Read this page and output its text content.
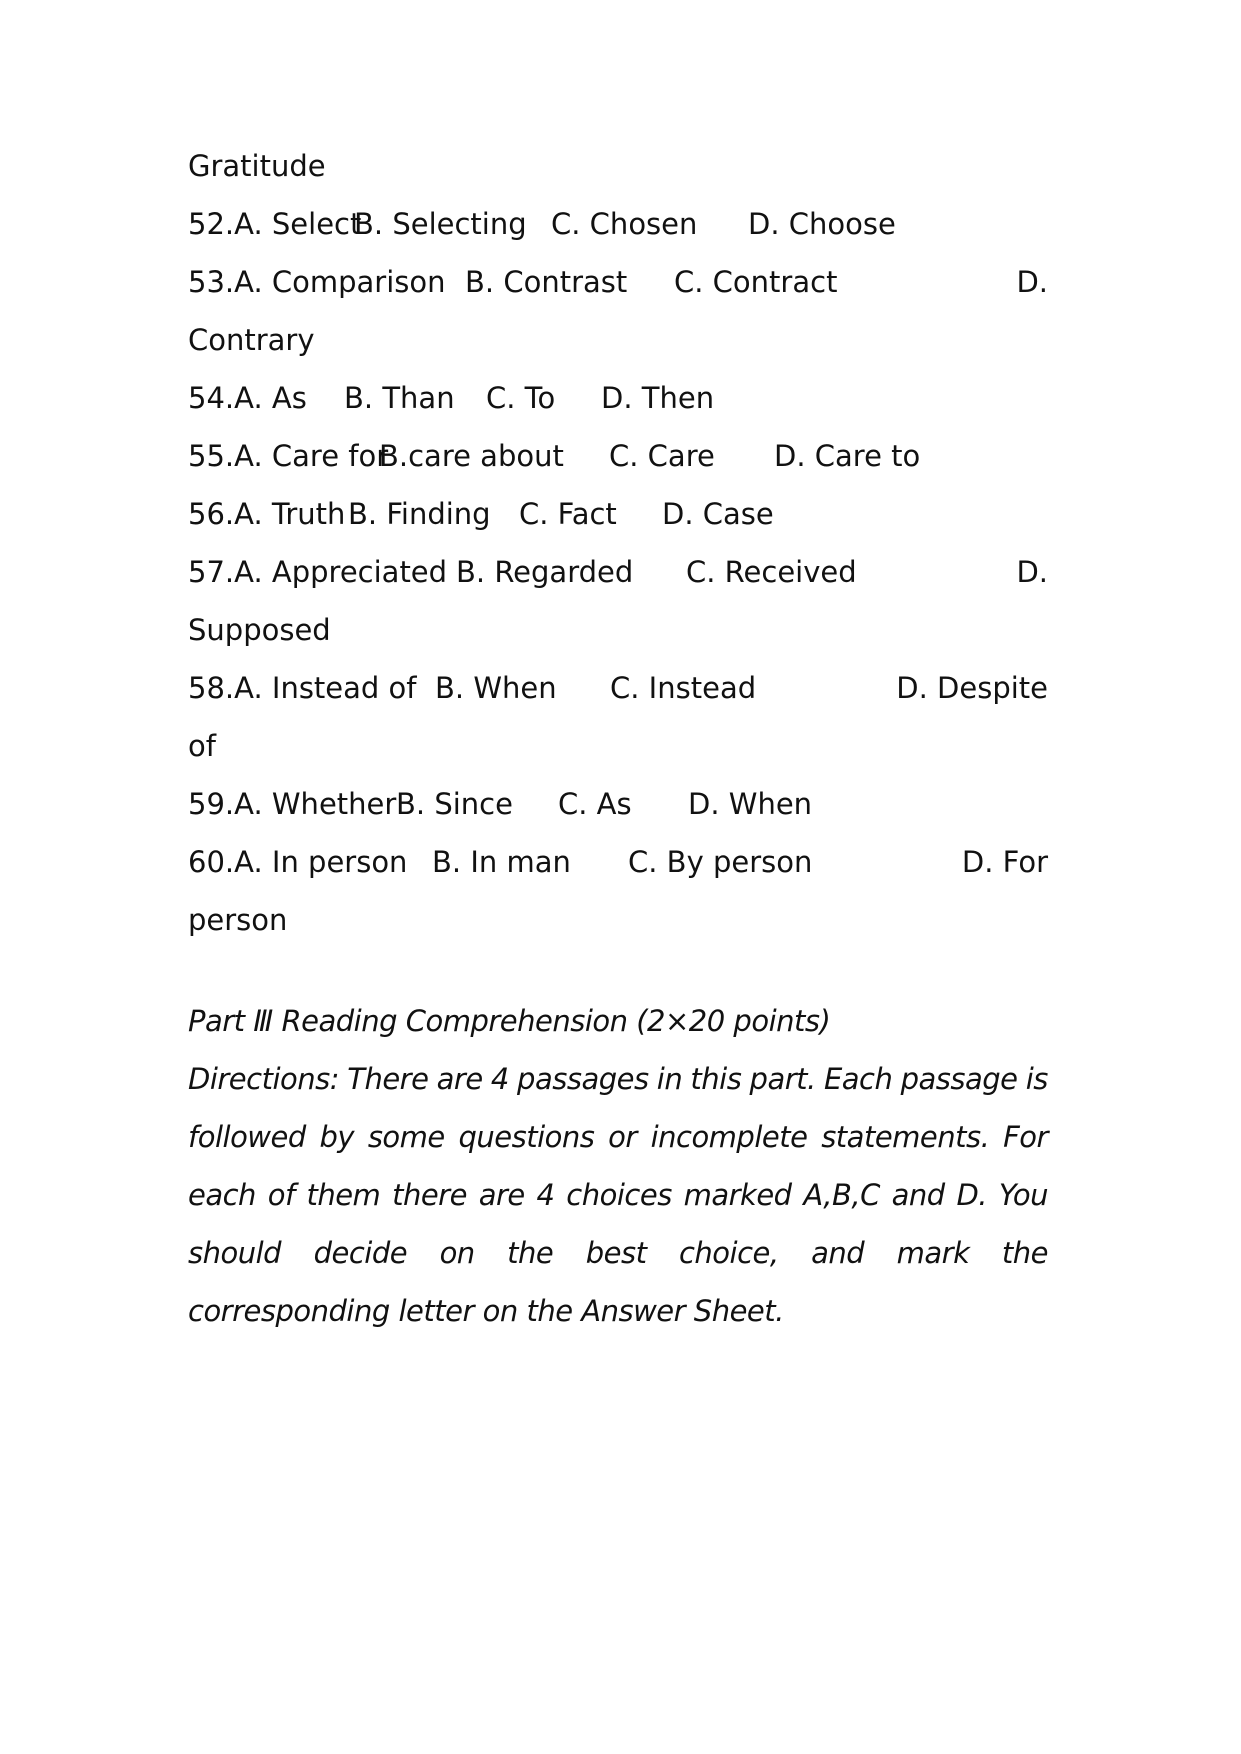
Gratitude
52.A. Select
B. Selecting C. Chosen D. Choose
53.A. Comparison B. Contrast C. Contract	D.
Contrary
54.A. As B. Than C. To D. Then
55.A. Care for
B.care about C. Care D. Care to
56.A. Truth B. Finding C. Fact D. Case
57.A. Appreciated B. Regarded C. Received	D.
Supposed
58.A. Instead of B. When C. Instead	D. Despite
of
59.A. Whether B. Since C. As D. When
60.A. In person B. In man C. By person	D. For
person
Part Ⅲ Reading Comprehension (2×20 points)
Directions: There are 4 passages in this part. Each passage is
followed by some questions or incomplete statements. For
each of them there are 4 choices marked A,B,C and D. You
should decide on the best choice, and mark the
corresponding letter on the Answer Sheet.
